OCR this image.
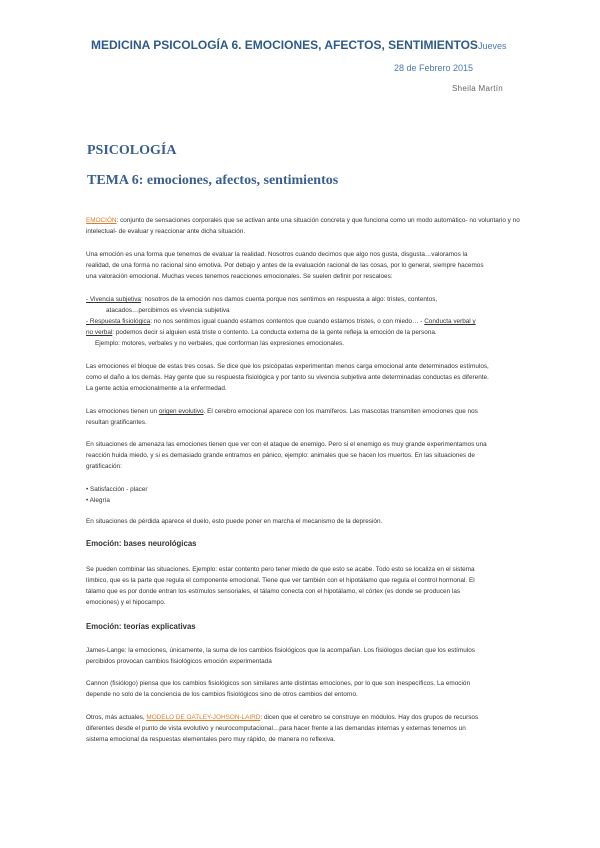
MEDICINA PSICOLOGÍA 6. EMOCIONES, AFECTOS, SENTIMIENTOSJueves
28 de Febrero 2015
Sheila Martín
PSICOLOGÍA
TEMA 6: emociones, afectos, sentimientos
EMOCIÓN: conjunto de sensaciones corporales que se activan ante una situación concreta y que funciona como un modo automático- no voluntario y no
intelectual- de evaluar y reaccionar ante dicha situación.
Una emoción es una forma que tenemos de evaluar la realidad. Nosotros cuando decimos que algo nos gusta, disgusta…valoramos la
realidad, de una forma no racional sino emotiva. Por debajo y antes de la evaluación racional de las cosas, por lo general, siempre hacemos
una valoración emocional. Muchas veces tenemos reacciones emocionales. Se suelen definir por rescaloes:
- Vivencia subjetiva: nosotros de la emoción nos damos cuenta porque nos sentimos en respuesta a algo: tristes, contentos,
atacados…percibimos es vivencia subjetiva
- Respuesta fisiológica: no nos sentimos igual cuando estamos contentos que cuando estamos tristes, o con miedo… - Conducta verbal y
no verbal: podemos decir si alguien está triste o contento. La conducta externa de la gente refleja la emoción de la persona.
Ejemplo: motores, verbales y no verbales, que conforman las expresiones emocionales.
Las emociones el bloque de estas tres cosas. Se dice que los psicópatas experimentan menos carga emocional ante determinados estímulos,
como el daño a los demás. Hay gente que su respuesta fisiológica y por tanto su vivencia subjetiva ante determinadas conductas es diferente.
La gente actúa emocionalmente a la enfermedad.
Las emociones tienen un origen evolutivo. El cerebro emocional aparece con los mamíferos. Las mascotas transmiten emociones que nos
resultan gratificantes.
En situaciones de amenaza las emociones tienen que ver con el ataque de enemigo. Pero si el enemigo es muy grande experimentamos una
reacción huida miedo, y si es demasiado grande entramos en pánico, ejemplo: animales que se hacen los muertos. En las situaciones de
gratificación:
• Satisfacción - placer
• Alegría
En situaciones de pérdida aparece el duelo, esto puede poner en marcha el mecanismo de la depresión.
Emoción: bases neurológicas
Se pueden combinar las situaciones. Ejemplo: estar contento pero tener miedo de que esto se acabe. Todo esto se localiza en el sistema
límbico, que es la parte que regula el componente emocional. Tiene que ver también con el hipotálamo que regula el control hormonal. El
tálamo que es por donde entran los estímulos sensoriales, el tálamo conecta con el hipotálamo, el córtex (es donde se producen las
emociones) y el hipocampo.
Emoción: teorías explicativas
James-Lange: la emociones, únicamente, la suma de los cambios fisiológicos que la acompañan. Los fisiólogos decían que los estímulos
percibidos provocan cambios fisiológicos emoción experimentada
Cannon (fisiólogo) piensa que los cambios fisiológicos son similares ante distintas emociones, por lo que son inespecíficos. La emoción
depende no solo de la conciencia de los cambios fisiológicos sino de otros cambios del entorno.
Otros, más actuales, MODELO DE OATLEY-JOHSON-LAIRD: dicen que el cerebro se construye en módulos. Hay dos grupos de recursos
diferentes desde el punto de vista evolutivo y neurocomputacional…para hacer frente a las demandas internas y externas tenemos un
sistema emocional da respuestas elementales pero muy rápido, de manera no reflexiva.
